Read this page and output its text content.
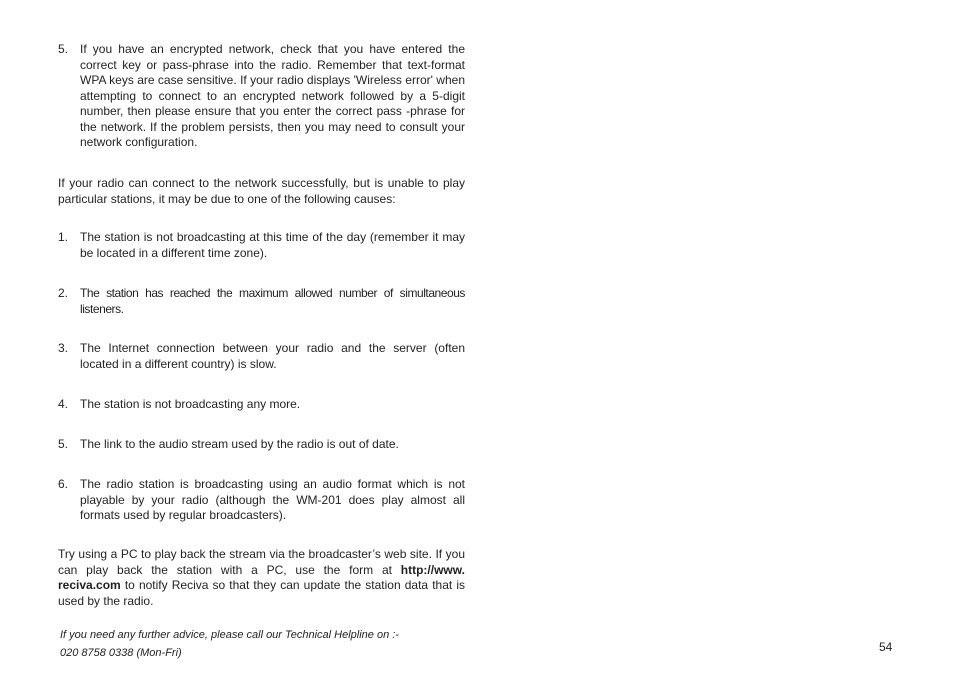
5. If you have an encrypted network, check that you have entered the correct key or pass-phrase into the radio. Remember that text-format WPA keys are case sensitive. If your radio displays 'Wireless error' when attempting to connect to an encrypted network followed by a 5-digit number, then please ensure that you enter the correct pass -phrase for the network. If the problem persists, then you may need to consult your network configuration.
If your radio can connect to the network successfully, but is unable to play particular stations, it may be due to one of the following causes:
1. The station is not broadcasting at this time of the day (remember it may be located in a different time zone).
2. The station has reached the maximum allowed number of simultaneous listeners.
3. The Internet connection between your radio and the server (often located in a different country) is slow.
4. The station is not broadcasting any more.
5. The link to the audio stream used by the radio is out of date.
6. The radio station is broadcasting using an audio format which is not playable by your radio (although the WM-201 does play almost all formats used by regular broadcasters).
Try using a PC to play back the stream via the broadcaster’s web site. If you can play back the station with a PC, use the form at http://www. reciva.com to notify Reciva so that they can update the station data that is used by the radio.
If you need any further advice, please call our Technical Helpline on :-
020 8758 0338 (Mon-Fri)	54
